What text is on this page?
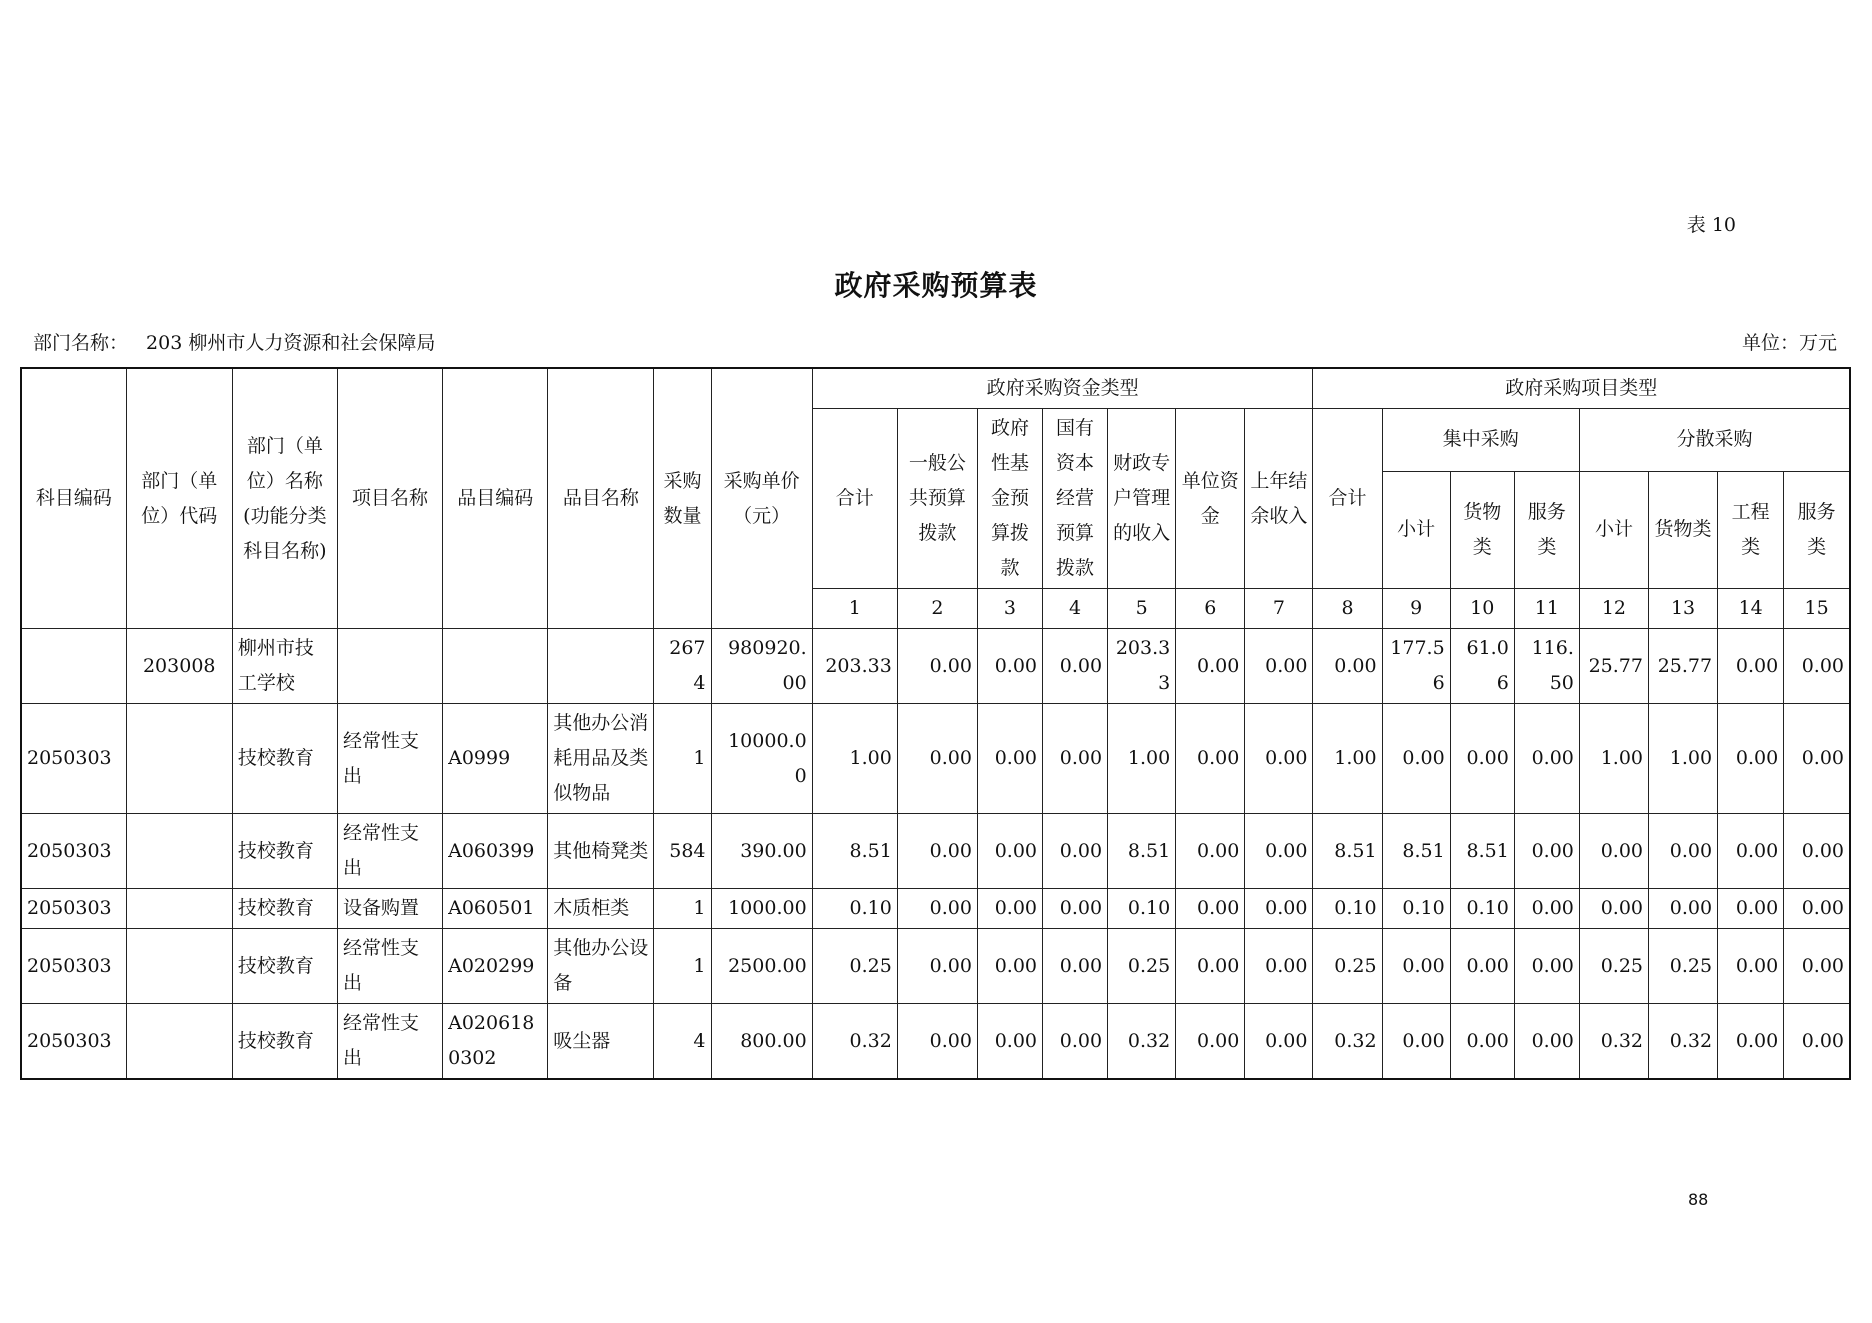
表 10
政府采购预算表
部门名称： 203 柳州市人力资源和社会保障局	单位：万元
科目编码	部门（单位）代码	部门（单位）名称(功能分类科目名称)	项目名称	品目编码	品目名称	采购数量	采购单价（元）	政府采购资金类型							政府采购项目类型							
								合计	一般公共预算拨款	政府性基金预算拨款	国有资本经营预算拨款	财政专户管理的收入	单位资金	上年结余收入	合计	集中采购			分散采购			
																小计	货物类	服务类	小计	货物类	工程类	服务类
								1	2	3	4	5	6	7	8	9	10	11	12	13	14	15
	203008	柳州市技工学校				2674	980920.00	203.33	0.00	0.00	0.00	203.33	0.00	0.00	0.00	177.56	61.06	116.50	25.77	25.77	0.00	0.00
2050303		技校教育	经常性支出	A0999	其他办公消耗用品及类似物品	1	10000.00	1.00	0.00	0.00	0.00	1.00	0.00	0.00	1.00	0.00	0.00	0.00	1.00	1.00	0.00	0.00
2050303		技校教育	经常性支出	A060399	其他椅凳类	584	390.00	8.51	0.00	0.00	0.00	8.51	0.00	0.00	8.51	8.51	8.51	0.00	0.00	0.00	0.00	0.00
2050303		技校教育	设备购置	A060501	木质柜类	1	1000.00	0.10	0.00	0.00	0.00	0.10	0.00	0.00	0.10	0.10	0.10	0.00	0.00	0.00	0.00	0.00
2050303		技校教育	经常性支出	A020299	其他办公设备	1	2500.00	0.25	0.00	0.00	0.00	0.25	0.00	0.00	0.25	0.00	0.00	0.00	0.25	0.25	0.00	0.00
2050303		技校教育	经常性支出	A0206180302	吸尘器	4	800.00	0.32	0.00	0.00	0.00	0.32	0.00	0.00	0.32	0.00	0.00	0.00	0.32	0.32	0.00	0.00
88
